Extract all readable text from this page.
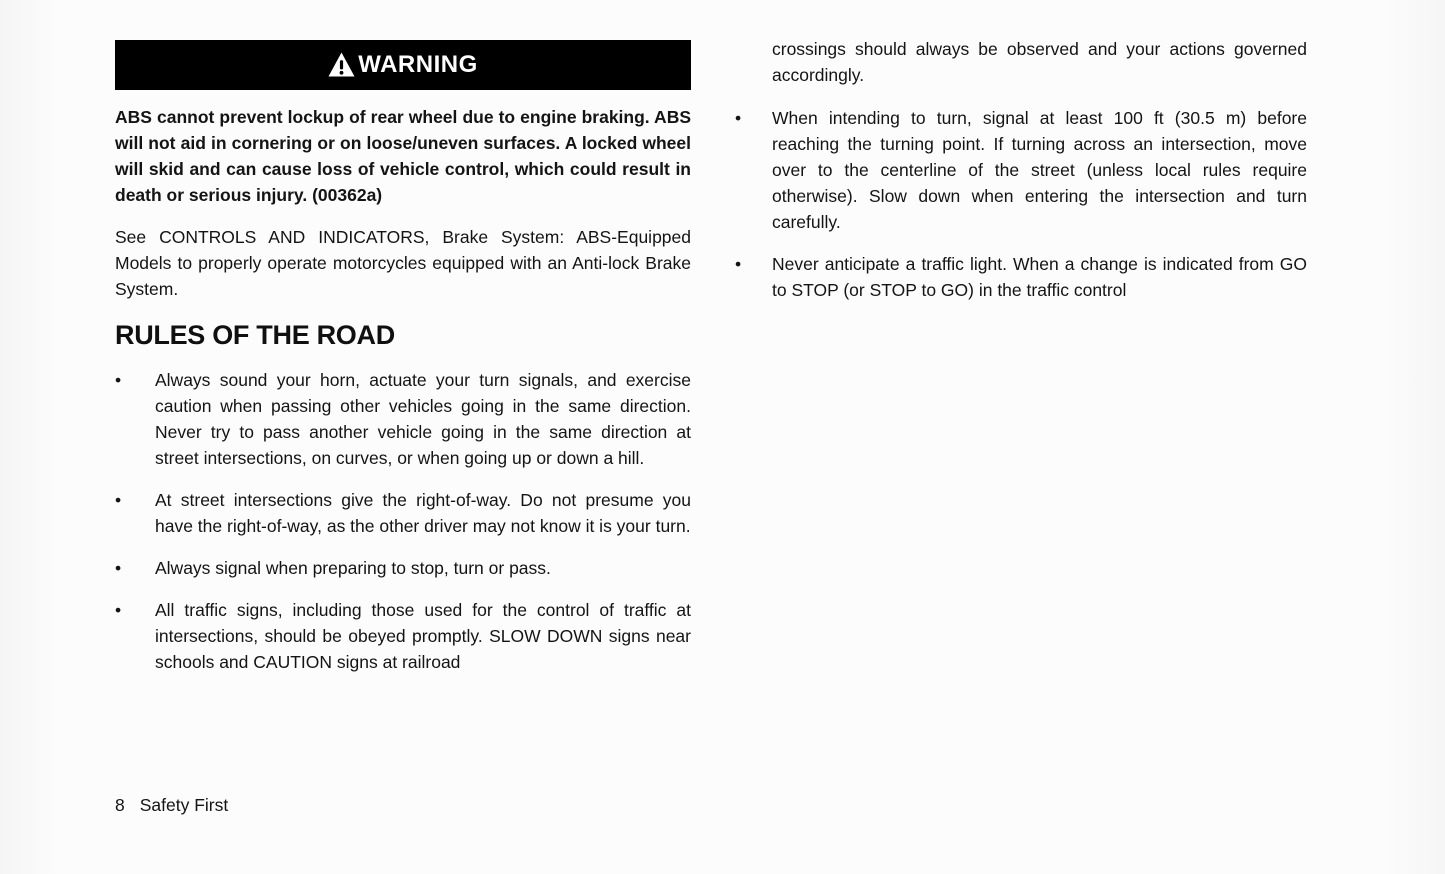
WARNING

ABS cannot prevent lockup of rear wheel due to engine braking. ABS will not aid in cornering or on loose/uneven surfaces. A locked wheel will skid and can cause loss of vehicle control, which could result in death or serious injury. (00362a)

See CONTROLS AND INDICATORS, Brake System: ABS-Equipped Models to properly operate motorcycles equipped with an Anti-lock Brake System.

RULES OF THE ROAD
•	Always sound your horn, actuate your turn signals, and exercise caution when passing other vehicles going in the same direction. Never try to pass another vehicle going in the same direction at street intersections, on curves, or when going up or down a hill.
•	At street intersections give the right-of-way. Do not presume you have the right-of-way, as the other driver may not know it is your turn.
•	Always signal when preparing to stop, turn or pass.
•	All traffic signs, including those used for the control of traffic at intersections, should be obeyed promptly. SLOW DOWN signs near schools and CAUTION signs at railroad

crossings should always be observed and your actions governed accordingly.

•	When intending to turn, signal at least 100 ft (30.5 m) before reaching the turning point. If turning across an intersection, move over to the centerline of the street (unless local rules require otherwise). Slow down when entering the intersection and turn carefully.
•	Never anticipate a traffic light. When a change is indicated from GO to STOP (or STOP to GO) in the traffic control
8 Safety First
